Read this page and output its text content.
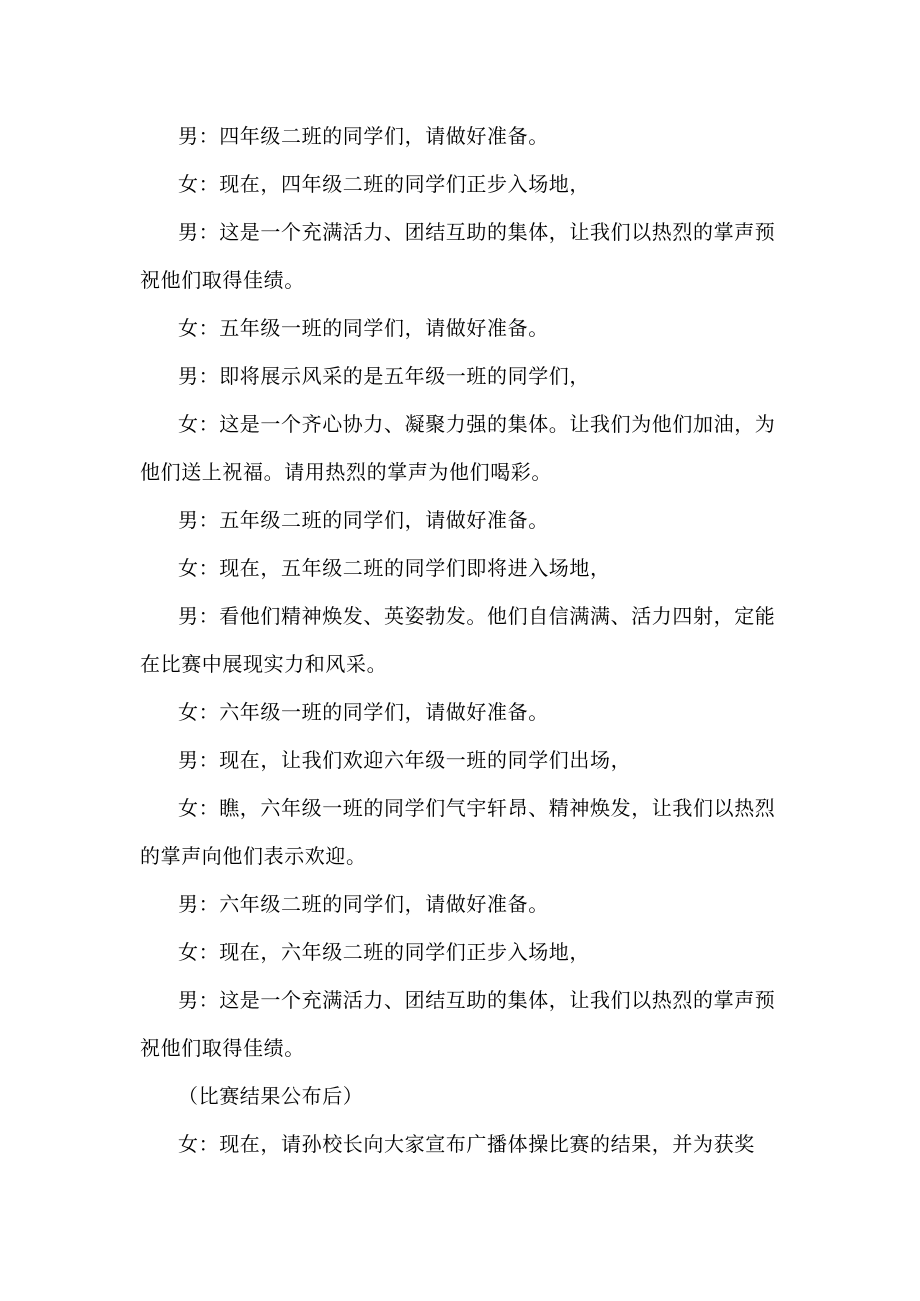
男：四年级二班的同学们，请做好准备。

女：现在，四年级二班的同学们正步入场地，

男：这是一个充满活力、团结互助的集体，让我们以热烈的掌声预祝他们取得佳绩。

女：五年级一班的同学们，请做好准备。

男：即将展示风采的是五年级一班的同学们，

女：这是一个齐心协力、凝聚力强的集体。让我们为他们加油，为他们送上祝福。请用热烈的掌声为他们喝彩。

男：五年级二班的同学们，请做好准备。

女：现在，五年级二班的同学们即将进入场地，

男：看他们精神焕发、英姿勃发。他们自信满满、活力四射，定能在比赛中展现实力和风采。

女：六年级一班的同学们，请做好准备。

男：现在，让我们欢迎六年级一班的同学们出场，

女：瞧，六年级一班的同学们气宇轩昂、精神焕发，让我们以热烈的掌声向他们表示欢迎。

男：六年级二班的同学们，请做好准备。

女：现在，六年级二班的同学们正步入场地，

男：这是一个充满活力、团结互助的集体，让我们以热烈的掌声预祝他们取得佳绩。

（比赛结果公布后）

女：现在，请孙校长向大家宣布广播体操比赛的结果，并为获奖
